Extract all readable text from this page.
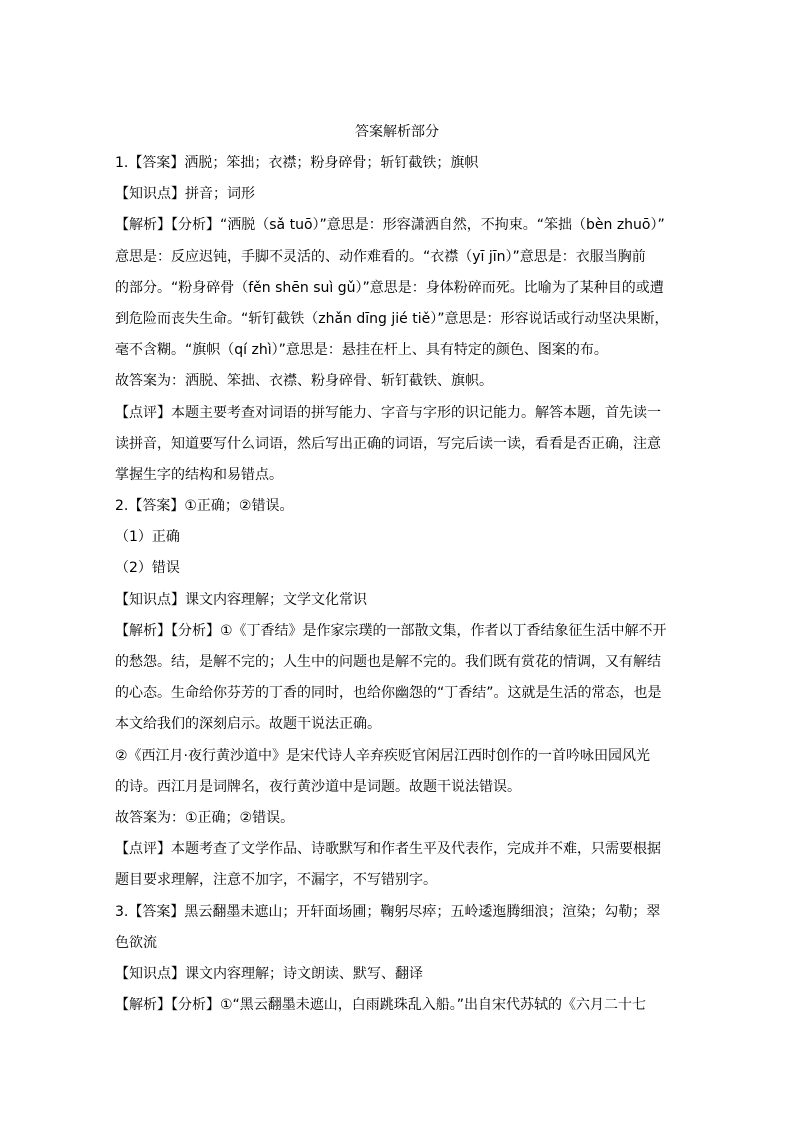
答案解析部分
1.【答案】洒脱；笨拙；衣襟；粉身碎骨；斩钉截铁；旗帜
【知识点】拼音；词形
【解析】【分析】“洒脱（sǎ tuō）”意思是：形容潇洒自然，不拘束。“笨拙（bèn zhuō）”
意思是：反应迟钝，手脚不灵活的、动作难看的。“衣襟（yī jīn）”意思是：衣服当胸前
的部分。“粉身碎骨（fěn shēn suì gǔ）”意思是：身体粉碎而死。比喻为了某种目的或遭
到危险而丧失生命。“斩钉截铁（zhǎn dīng jié tiě）”意思是：形容说话或行动坚决果断，
毫不含糊。“旗帜（qí zhì）”意思是：悬挂在杆上、具有特定的颜色、图案的布。
故答案为：洒脱、笨拙、衣襟、粉身碎骨、斩钉截铁、旗帜。
【点评】本题主要考查对词语的拼写能力、字音与字形的识记能力。解答本题，首先读一
读拼音，知道要写什么词语，然后写出正确的词语，写完后读一读，看看是否正确，注意
掌握生字的结构和易错点。
2.【答案】①正确；②错误。
（1）正确
（2）错误
【知识点】课文内容理解；文学文化常识
【解析】【分析】①《丁香结》是作家宗璞的一部散文集，作者以丁香结象征生活中解不开
的愁怨。结，是解不完的；人生中的问题也是解不完的。我们既有赏花的情调，又有解结
的心态。生命给你芬芳的丁香的同时，也给你幽怨的“丁香结”。这就是生活的常态，也是
本文给我们的深刻启示。故题干说法正确。
②《西江月·夜行黄沙道中》是宋代诗人辛弃疾贬官闲居江西时创作的一首吟咏田园风光
的诗。西江月是词牌名，夜行黄沙道中是词题。故题干说法错误。
故答案为：①正确；②错误。
【点评】本题考查了文学作品、诗歌默写和作者生平及代表作，完成并不难，只需要根据
题目要求理解，注意不加字，不漏字，不写错别字。
3.【答案】黑云翻墨未遮山；开轩面场圃；鞠躬尽瘁；五岭逶迤腾细浪；渲染；勾勒；翠
色欲流
【知识点】课文内容理解；诗文朗读、默写、翻译
【解析】【分析】①“黑云翻墨未遮山，白雨跳珠乱入船。”出自宋代苏轼的《六月二十七
